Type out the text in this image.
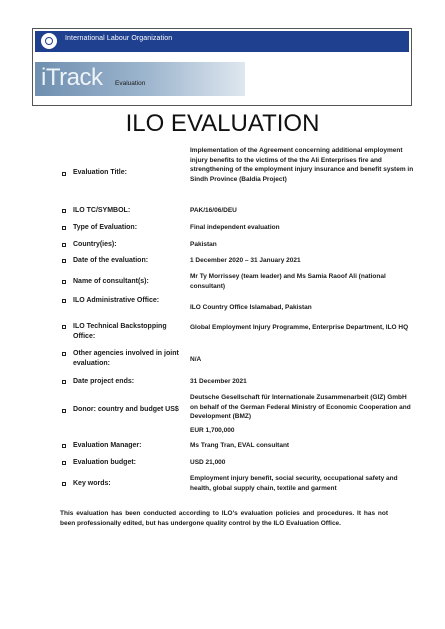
International Labour Organization
iTrack Evaluation
ILO EVALUATION
Evaluation Title:
Implementation of the Agreement concerning additional employment injury benefits to the victims of the the Ali Enterprises fire and strengthening of the employment injury insurance and benefit system in Sindh Province (Baldia Project)
ILO TC/SYMBOL:	PAK/16/06/DEU
Type of Evaluation:	Final independent evaluation
Country(ies):	Pakistan
Date of the evaluation:	1 December 2020 – 31 January 2021
Name of consultant(s):
Mr Ty Morrissey (team leader) and Ms Samia Raoof Ali (national consultant)
ILO Administrative Office:
ILO Country Office Islamabad, Pakistan
ILO Technical Backstopping Office:
Global Employment Injury Programme, Enterprise Department, ILO HQ
Other agencies involved in joint evaluation:
N/A
Date project ends:	31 December 2021
Donor: country and budget US$
Deutsche Gesellschaft für Internationale Zusammenarbeit (GIZ) GmbH on behalf of the German Federal Ministry of Economic Cooperation and Development (BMZ)
EUR 1,700,000
Evaluation Manager:	Ms Trang Tran, EVAL consultant
Evaluation budget:	USD 21,000
Key words:
Employment injury benefit, social security, occupational safety and health, global supply chain, textile and garment
This evaluation has been conducted according to ILO's evaluation policies and procedures. It has not been professionally edited, but has undergone quality control by the ILO Evaluation Office.
